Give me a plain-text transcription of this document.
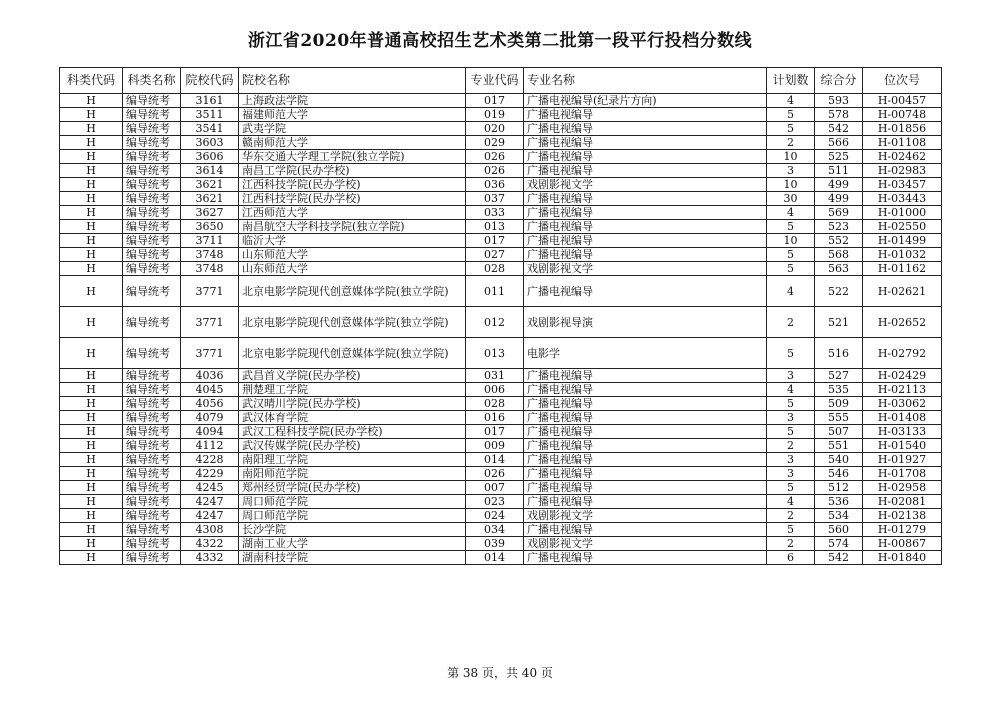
浙江省2020年普通高校招生艺术类第二批第一段平行投档分数线
科类代码	科类名称	院校代码	院校名称	专业代码	专业名称	计划数	综合分	位次号
H	编导统考	3161	上海政法学院	017	广播电视编导(纪录片方向)	4	593	H-00457
H	编导统考	3511	福建师范大学	019	广播电视编导	5	578	H-00748
H	编导统考	3541	武夷学院	020	广播电视编导	5	542	H-01856
H	编导统考	3603	赣南师范大学	029	广播电视编导	2	566	H-01108
H	编导统考	3606	华东交通大学理工学院(独立学院)	026	广播电视编导	10	525	H-02462
H	编导统考	3614	南昌工学院(民办学校)	026	广播电视编导	3	511	H-02983
H	编导统考	3621	江西科技学院(民办学校)	036	戏剧影视文学	10	499	H-03457
H	编导统考	3621	江西科技学院(民办学校)	037	广播电视编导	30	499	H-03443
H	编导统考	3627	江西师范大学	033	广播电视编导	4	569	H-01000
H	编导统考	3650	南昌航空大学科技学院(独立学院)	013	广播电视编导	5	523	H-02550
H	编导统考	3711	临沂大学	017	广播电视编导	10	552	H-01499
H	编导统考	3748	山东师范大学	027	广播电视编导	5	568	H-01032
H	编导统考	3748	山东师范大学	028	戏剧影视文学	5	563	H-01162
H	编导统考	3771	北京电影学院现代创意媒体学院(独立学院)	011	广播电视编导	4	522	H-02621
H	编导统考	3771	北京电影学院现代创意媒体学院(独立学院)	012	戏剧影视导演	2	521	H-02652
H	编导统考	3771	北京电影学院现代创意媒体学院(独立学院)	013	电影学	5	516	H-02792
H	编导统考	4036	武昌首义学院(民办学校)	031	广播电视编导	3	527	H-02429
H	编导统考	4045	荆楚理工学院	006	广播电视编导	4	535	H-02113
H	编导统考	4056	武汉晴川学院(民办学校)	028	广播电视编导	5	509	H-03062
H	编导统考	4079	武汉体育学院	016	广播电视编导	3	555	H-01408
H	编导统考	4094	武汉工程科技学院(民办学校)	017	广播电视编导	5	507	H-03133
H	编导统考	4112	武汉传媒学院(民办学校)	009	广播电视编导	2	551	H-01540
H	编导统考	4228	南阳理工学院	014	广播电视编导	3	540	H-01927
H	编导统考	4229	南阳师范学院	026	广播电视编导	3	546	H-01708
H	编导统考	4245	郑州经贸学院(民办学校)	007	广播电视编导	5	512	H-02958
H	编导统考	4247	周口师范学院	023	广播电视编导	4	536	H-02081
H	编导统考	4247	周口师范学院	024	戏剧影视文学	2	534	H-02138
H	编导统考	4308	长沙学院	034	广播电视编导	5	560	H-01279
H	编导统考	4322	湖南工业大学	039	戏剧影视文学	2	574	H-00867
H	编导统考	4332	湖南科技学院	014	广播电视编导	6	542	H-01840
第 38 页，共 40 页
